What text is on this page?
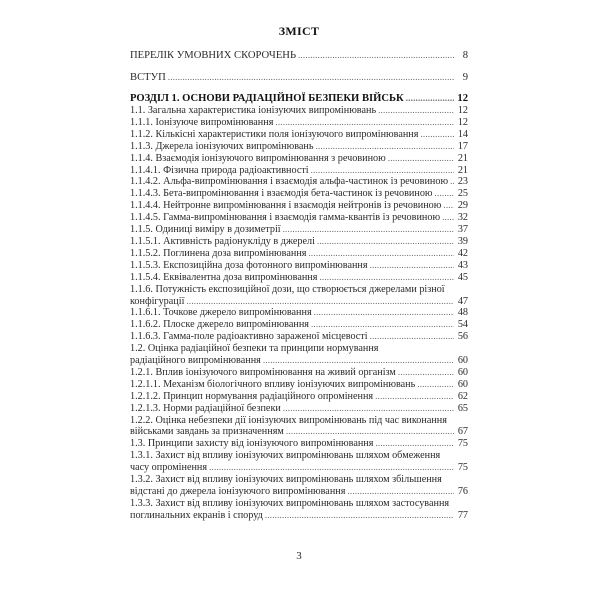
ЗМІСТ
ПЕРЕЛІК УМОВНИХ СКОРОЧЕНЬ .....	8
ВСТУП .....	9
РОЗДІЛ 1. ОСНОВИ РАДІАЦІЙНОЇ БЕЗПЕКИ ВІЙСЬК .....	12
1.1. Загальна характеристика іонізуючих випромінювань .....	12
1.1.1. Іонізуюче випромінювання .....	12
1.1.2. Кількісні характеристики поля іонізуючого випромінювання .....	14
1.1.3. Джерела іонізуючих випромінювань .....	17
1.1.4. Взаємодія іонізуючого випромінювання з речовиною .....	21
1.1.4.1. Фізична природа радіоактивності .....	21
1.1.4.2. Альфа-випромінювання і взаємодія альфа-частинок із речовиною ..... 23
1.1.4.3. Бета-випромінювання і взаємодія бета-частинок із речовиною ..... 25
1.1.4.4. Нейтронне випромінювання і взаємодія нейтронів із речовиною ..... 29
1.1.4.5. Гамма-випромінювання і взаємодія гамма-квантів із речовиною ..... 32
1.1.5. Одиниці виміру в дозиметрії .....	37
1.1.5.1. Активність радіонукліду в джерелі .....	39
1.1.5.2. Поглинена доза випромінювання .....	42
1.1.5.3. Експозиційна доза фотонного випромінювання .....	43
1.1.5.4. Еквівалентна доза випромінювання .....	45
1.1.6. Потужність експозиційної дози, що створюється джерелами різної
конфігурації .....	47
1.1.6.1. Точкове джерело випромінювання .....	48
1.1.6.2. Плоске джерело випромінювання .....	54
1.1.6.3. Гамма-поле радіоактивно зараженої місцевості .....	56
1.2. Оцінка радіаційної безпеки та принципи нормування
радіаційного випромінювання .....	60
1.2.1. Вплив іонізуючого випромінювання на живий організм .....	60
1.2.1.1. Механізм біологічного впливу іонізуючих випромінювань .....	60
1.2.1.2. Принцип нормування радіаційного опромінення .....	62
1.2.1.3. Норми радіаційної безпеки .....	65
1.2.2. Оцінка небезпеки дії іонізуючих випромінювань під час виконання
військами завдань за призначенням .....	67
1.3. Принципи захисту від іонізуючого випромінювання .....	75
1.3.1. Захист від впливу іонізуючих випромінювань шляхом обмеження
часу опромінення .....	75
1.3.2. Захист від впливу іонізуючих випромінювань шляхом збільшення
відстані до джерела іонізуючого випромінювання .....	76
1.3.3. Захист від впливу іонізуючих випромінювань шляхом застосування
поглинальних екранів і споруд .....	77
3
